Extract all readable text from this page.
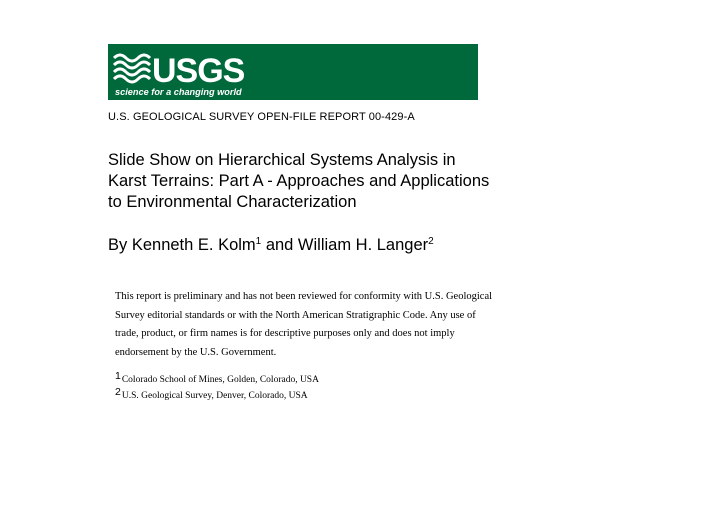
USGS
science for a changing world
U.S. GEOLOGICAL SURVEY OPEN-FILE REPORT 00-429-A
Slide Show on Hierarchical Systems Analysis in
Karst Terrains: Part A - Approaches and Applications
to Environmental Characterization
By Kenneth E. Kolm$^1$ and William H. Langer$^2$
This report is preliminary and has not been reviewed for conformity with U.S. Geological
Survey editorial standards or with the North American Stratigraphic Code. Any use of
trade, product, or firm names is for descriptive purposes only and does not imply
endorsement by the U.S. Government.
1Colorado School of Mines, Golden, Colorado, USA
2U.S. Geological Survey, Denver, Colorado, USA
